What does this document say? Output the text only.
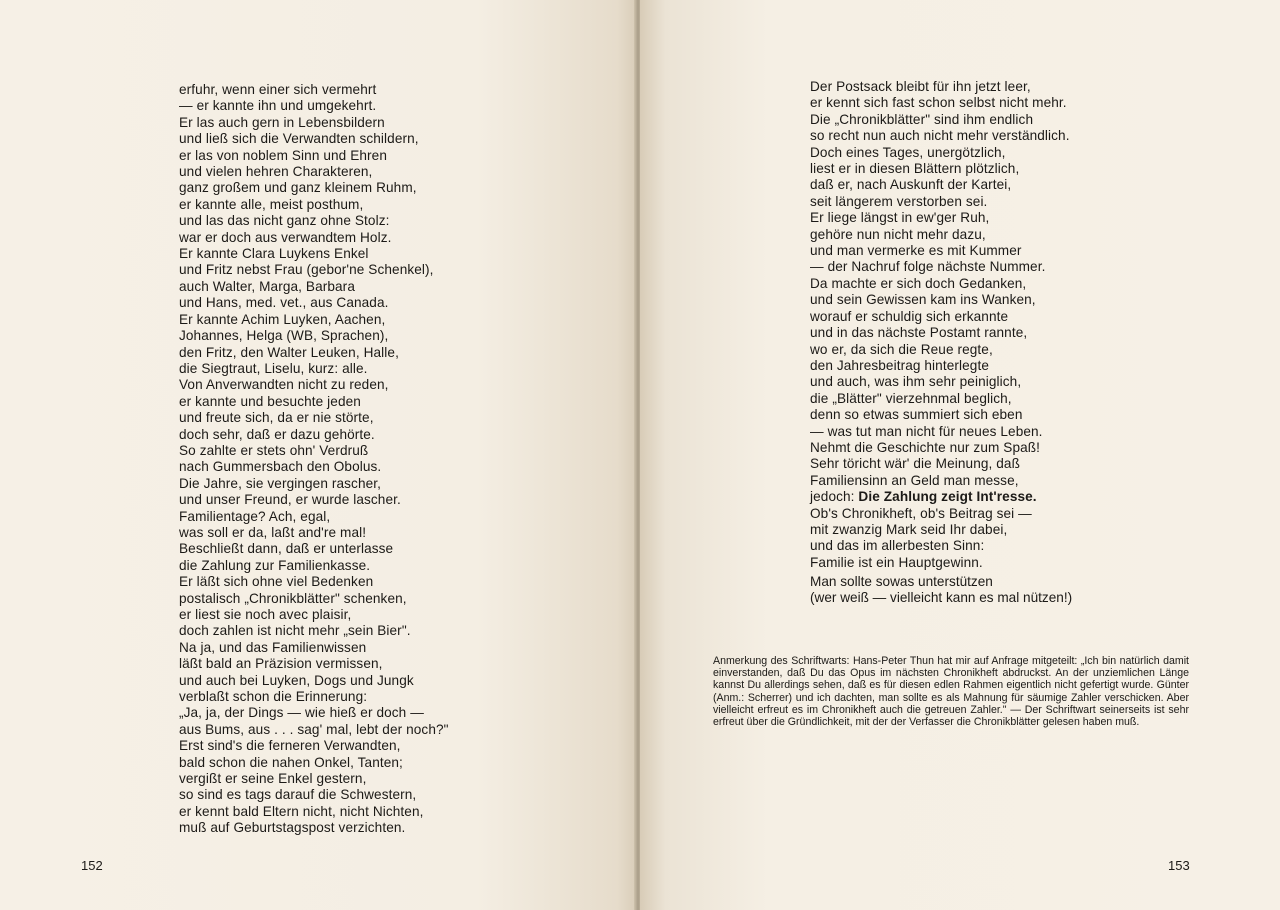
erfuhr, wenn einer sich vermehrt
— er kannte ihn und umgekehrt.
Er las auch gern in Lebensbildern
und ließ sich die Verwandten schildern,
er las von noblem Sinn und Ehren
und vielen hehren Charakteren,
ganz großem und ganz kleinem Ruhm,
er kannte alle, meist posthum,
und las das nicht ganz ohne Stolz:
war er doch aus verwandtem Holz.
Er kannte Clara Luykens Enkel
und Fritz nebst Frau (gebor'ne Schenkel),
auch Walter, Marga, Barbara
und Hans, med. vet., aus Canada.
Er kannte Achim Luyken, Aachen,
Johannes, Helga (WB, Sprachen),
den Fritz, den Walter Leuken, Halle,
die Siegtraut, Liselu, kurz: alle.
Von Anverwandten nicht zu reden,
er kannte und besuchte jeden
und freute sich, da er nie störte,
doch sehr, daß er dazu gehörte.
So zahlte er stets ohn' Verdruß
nach Gummersbach den Obolus.
Die Jahre, sie vergingen rascher,
und unser Freund, er wurde lascher.
Familientage? Ach, egal,
was soll er da, laßt and're mal!
Beschließt dann, daß er unterlasse
die Zahlung zur Familienkasse.
Er läßt sich ohne viel Bedenken
postalisch „Chronikblätter" schenken,
er liest sie noch avec plaisir,
doch zahlen ist nicht mehr „sein Bier".
Na ja, und das Familienwissen
läßt bald an Präzision vermissen,
und auch bei Luyken, Dogs und Jungk
verblaßt schon die Erinnerung:
„Ja, ja, der Dings — wie hieß er doch —
aus Bums, aus . . . sag' mal, lebt der noch?"
Erst sind's die ferneren Verwandten,
bald schon die nahen Onkel, Tanten;
vergißt er seine Enkel gestern,
so sind es tags darauf die Schwestern,
er kennt bald Eltern nicht, nicht Nichten,
muß auf Geburtstagspost verzichten.
152
Der Postsack bleibt für ihn jetzt leer,
er kennt sich fast schon selbst nicht mehr.
Die „Chronikblätter" sind ihm endlich
so recht nun auch nicht mehr verständlich.
Doch eines Tages, unergötzlich,
liest er in diesen Blättern plötzlich,
daß er, nach Auskunft der Kartei,
seit längerem verstorben sei.
Er liege längst in ew'ger Ruh,
gehöre nun nicht mehr dazu,
und man vermerke es mit Kummer
— der Nachruf folge nächste Nummer.
Da machte er sich doch Gedanken,
und sein Gewissen kam ins Wanken,
worauf er schuldig sich erkannte
und in das nächste Postamt rannte,
wo er, da sich die Reue regte,
den Jahresbeitrag hinterlegte
und auch, was ihm sehr peiniglich,
die „Blätter" vierzehnmal beglich,
denn so etwas summiert sich eben
— was tut man nicht für neues Leben.
Nehmt die Geschichte nur zum Spaß!
Sehr töricht wär' die Meinung, daß
Familiensinn an Geld man messe,
jedoch: Die Zahlung zeigt Int'resse.
Ob's Chronikheft, ob's Beitrag sei —
mit zwanzig Mark seid Ihr dabei,
und das im allerbesten Sinn:
Familie ist ein Hauptgewinn.
Man sollte sowas unterstützen
(wer weiß — vielleicht kann es mal nützen!)

Anmerkung des Schriftwarts: Hans-Peter Thun hat mir auf Anfrage mitgeteilt: „Ich bin natürlich damit einverstanden, daß Du das Opus im nächsten Chronikheft abdruckst. An der unziemlichen Länge kannst Du allerdings sehen, daß es für diesen edlen Rahmen eigentlich nicht gefertigt wurde. Günter (Anm.: Scherrer) und ich dachten, man sollte es als Mahnung für säumige Zahler verschicken. Aber vielleicht erfreut es im Chronikheft auch die getreuen Zahler." — Der Schriftwart seinerseits ist sehr erfreut über die Gründlichkeit, mit der der Verfasser die Chronikblätter gelesen haben muß.

153
